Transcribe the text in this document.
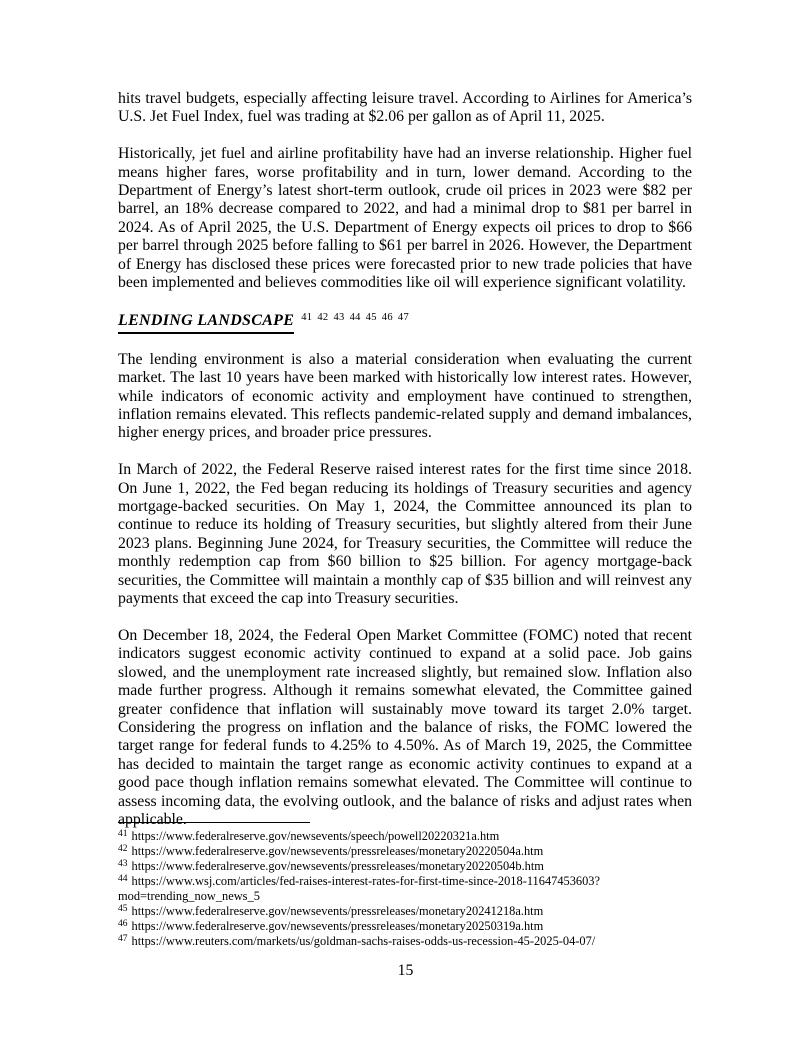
hits travel budgets, especially affecting leisure travel. According to Airlines for America’s U.S. Jet Fuel Index, fuel was trading at $2.06 per gallon as of April 11, 2025.

Historically, jet fuel and airline profitability have had an inverse relationship. Higher fuel means higher fares, worse profitability and in turn, lower demand. According to the Department of Energy’s latest short-term outlook, crude oil prices in 2023 were $82 per barrel, an 18% decrease compared to 2022, and had a minimal drop to $81 per barrel in 2024. As of April 2025, the U.S. Department of Energy expects oil prices to drop to $66 per barrel through 2025 before falling to $61 per barrel in 2026. However, the Department of Energy has disclosed these prices were forecasted prior to new trade policies that have been implemented and believes commodities like oil will experience significant volatility.

LENDING LANDSCAPE $^{41}$ $^{42}$ $^{43}$ $^{44}$ $^{45}$ $^{46}$ $^{47}$

The lending environment is also a material consideration when evaluating the current market. The last 10 years have been marked with historically low interest rates. However, while indicators of economic activity and employment have continued to strengthen, inflation remains elevated. This reflects pandemic-related supply and demand imbalances, higher energy prices, and broader price pressures.

In March of 2022, the Federal Reserve raised interest rates for the first time since 2018. On June 1, 2022, the Fed began reducing its holdings of Treasury securities and agency mortgage-backed securities. On May 1, 2024, the Committee announced its plan to continue to reduce its holding of Treasury securities, but slightly altered from their June 2023 plans. Beginning June 2024, for Treasury securities, the Committee will reduce the monthly redemption cap from $60 billion to $25 billion. For agency mortgage-back securities, the Committee will maintain a monthly cap of $35 billion and will reinvest any payments that exceed the cap into Treasury securities.

On December 18, 2024, the Federal Open Market Committee (FOMC) noted that recent indicators suggest economic activity continued to expand at a solid pace. Job gains slowed, and the unemployment rate increased slightly, but remained slow. Inflation also made further progress. Although it remains somewhat elevated, the Committee gained greater confidence that inflation will sustainably move toward its target 2.0% target. Considering the progress on inflation and the balance of risks, the FOMC lowered the target range for federal funds to 4.25% to 4.50%. As of March 19, 2025, the Committee has decided to maintain the target range as economic activity continues to expand at a good pace though inflation remains somewhat elevated. The Committee will continue to assess incoming data, the evolving outlook, and the balance of risks and adjust rates when applicable.

$^{41}$ https://www.federalreserve.gov/newsevents/speech/powell20220321a.htm
$^{42}$ https://www.federalreserve.gov/newsevents/pressreleases/monetary20220504a.htm
$^{43}$ https://www.federalreserve.gov/newsevents/pressreleases/monetary20220504b.htm
$^{44}$ https://www.wsj.com/articles/fed-raises-interest-rates-for-first-time-since-2018-11647453603?mod=trending_now_news_5
$^{45}$ https://www.federalreserve.gov/newsevents/pressreleases/monetary20241218a.htm
$^{46}$ https://www.federalreserve.gov/newsevents/pressreleases/monetary20250319a.htm
$^{47}$ https://www.reuters.com/markets/us/goldman-sachs-raises-odds-us-recession-45-2025-04-07/
15
